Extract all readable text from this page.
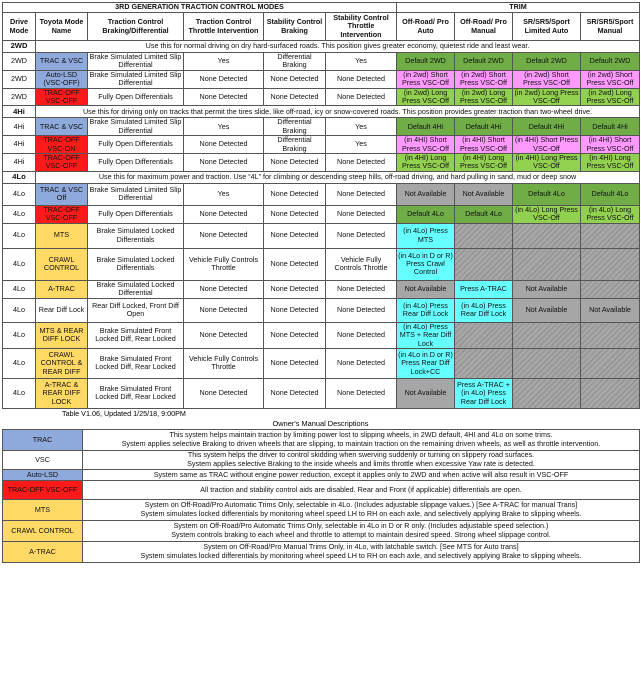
3RD GENERATION TRACTION CONTROL MODES						TRIM			
Drive Mode	Toyota Mode Name	Traction Control Braking/Differential	Traction Control Throttle Intervention	Stability Control Braking	Stability Control Throttle Intervention	Off-Road/ Pro Auto	Off-Road/ Pro Manual	SR/SR5/Sport Limited Auto	SR/SR5/Sport Manual
2WD	Use this for normal driving on dry hard-surfaced roads. This position gives greater economy, quietest ride and least wear.								
2WD	TRAC & VSC	Brake Simulated Limited Slip Differential	Yes	Differential Braking	Yes	Default 2WD	Default 2WD	Default 2WD	Default 2WD
2WD	Auto-LSD (VSC-OFF)	Brake Simulated Limited Slip Differential	None Detected	None Detected	None Detected	(in 2wd) Short Press VSC-Off	(in 2wd) Short Press VSC-Off	(in 2wd) Short Press VSC-Off	(in 2wd) Short Press VSC-Off
2WD	TRAC-OFF VSC-OFF	Fully Open Differentials	None Detected	None Detected	None Detected	(in 2wd) Long Press VSC-Off	(in 2wd) Long Press VSC-Off	(in 2wd) Long Press VSC-Off	(in 2wd) Long Press VSC-Off
4Hi	Use this for driving only on tracks that permit the tires slide, like off-road, icy or snow-covered roads. This position provides greater traction than two-wheel drive.								
4Hi	TRAC & VSC	Brake Simulated Limited Slip Differential	Yes	Differential Braking	Yes	Default 4Hi	Default 4Hi	Default 4Hi	Default 4Hi
4Hi	TRAC-OFF VSC-ON	Fully Open Differentials	None Detected	Differential Braking	Yes	(in 4HI) Short Press VSC-Off	(in 4HI) Short Press VSC-Off	(in 4HI) Short Press VSC-Off	(in 4HI) Short Press VSC-Off
4Hi	TRAC-OFF VSC-OFF	Fully Open Differentials	None Detected	None Detected	None Detected	(in 4HI) Long Press VSC-Off	(in 4HI) Long Press VSC-Off	(in 4HI) Long Press VSC-Off	(in 4HI) Long Press VSC-Off
4Lo	Use this for maximum power and traction. Use “4L” for climbing or descending steep hills, off-road driving, and hard pulling in sand, mud or deep snow								
4Lo	TRAC & VSC Off	Brake Simulated Limited Slip Differential	Yes	None Detected	None Detected	Not Available	Not Available	Default 4Lo	Default 4Lo
4Lo	TRAC-OFF VSC-OFF	Fully Open Differentials	None Detected	None Detected	None Detected	Default 4Lo	Default 4Lo	(in 4Lo) Long Press VSC-Off	(in 4Lo) Long Press VSC-Off
4Lo	MTS	Brake Simulated Locked Differentials	None Detected	None Detected	None Detected	(in 4Lo) Press MTS			
4Lo	CRAWL CONTROL	Brake Simulated Locked Differentials	Vehicle Fully Controls Throttle	None Detected	Vehicle Fully Controls Throttle	(in 4Lo in D or R) Press Crawl Control			
4Lo	A-TRAC	Brake Simulated Locked Differential	None Detected	None Detected	None Detected	Not Available	Press A-TRAC	Not Available	
4Lo	Rear Diff Lock	Rear Diff Locked, Front Diff Open	None Detected	None Detected	None Detected	(in 4Lo) Press Rear Diff Lock	(in 4Lo) Press Rear Diff Lock	Not Available	Not Available
4Lo	MTS & REAR DIFF LOCK	Brake Simulated Front Locked Diff, Rear Locked	None Detected	None Detected	None Detected	(in 4Lo) Press MTS + Rear Diff Lock			
4Lo	CRAWL CONTROL & REAR DIFF	Brake Simulated Front Locked Diff, Rear Locked	Vehicle Fully Controls Throttle	None Detected	None Detected	(in 4Lo in D or R) Press Rear Diff Lock+CC			
4Lo	A-TRAC & REAR DIFF LOCK	Brake Simulated Front Locked Diff, Rear Locked	None Detected	None Detected	None Detected	Not Available	Press A-TRAC +(in 4Lo) Press Rear Diff Lock		
Table V1.06, Updated 1/25/18, 9:00PM
Owner's Manual Descriptions
TRAC	This system helps maintain traction by limiting power lost to slipping wheels, in 2WD default, 4HI and 4Lo on some trims.
System applies selective Braking to driven wheels that are slipping, to maintain traction on the remaining driven wheels, as well as throttle intervention.

VSC	This system helps the driver to control skidding when swerving suddenly or turning on slippery road surfaces.
System applies selective Braking to the inside wheels and limits throttle when excessive Yaw rate is detected.

Auto-LSD	System same as TRAC without engine power reduction, except it applies only to 2WD and when active will also result in VSC-OFF

TRAC-OFF VSC-OFF	All traction and stability control aids are disabled. Rear and Front (if applicable) differentials are open.

MTS	System on Off-Road/Pro Automatic Trims Only, selectable in 4Lo. (Includes adjustable slippage values.) [See A-TRAC for manual Trans]
System simulates locked differentials by monitoring wheel speed LH to RH on each axle, and selectively applying Brake to slipping wheels.

CRAWL CONTROL	System on Off-Road/Pro Automatic Trims Only, selectable in 4Lo in D or R only. (Includes adjustable speed selection.)
System controls braking to each wheel and throttle to attempt to maintain desired speed. Strong wheel slippage control.

A-TRAC	System on Off-Road/Pro Manual Trims Only, in 4Lo, with latchable switch. [See MTS for Auto trans]
System simulates locked differentials by monitoring wheel speed LH to RH on each axle, and selectively applying Brake to slipping wheels.
